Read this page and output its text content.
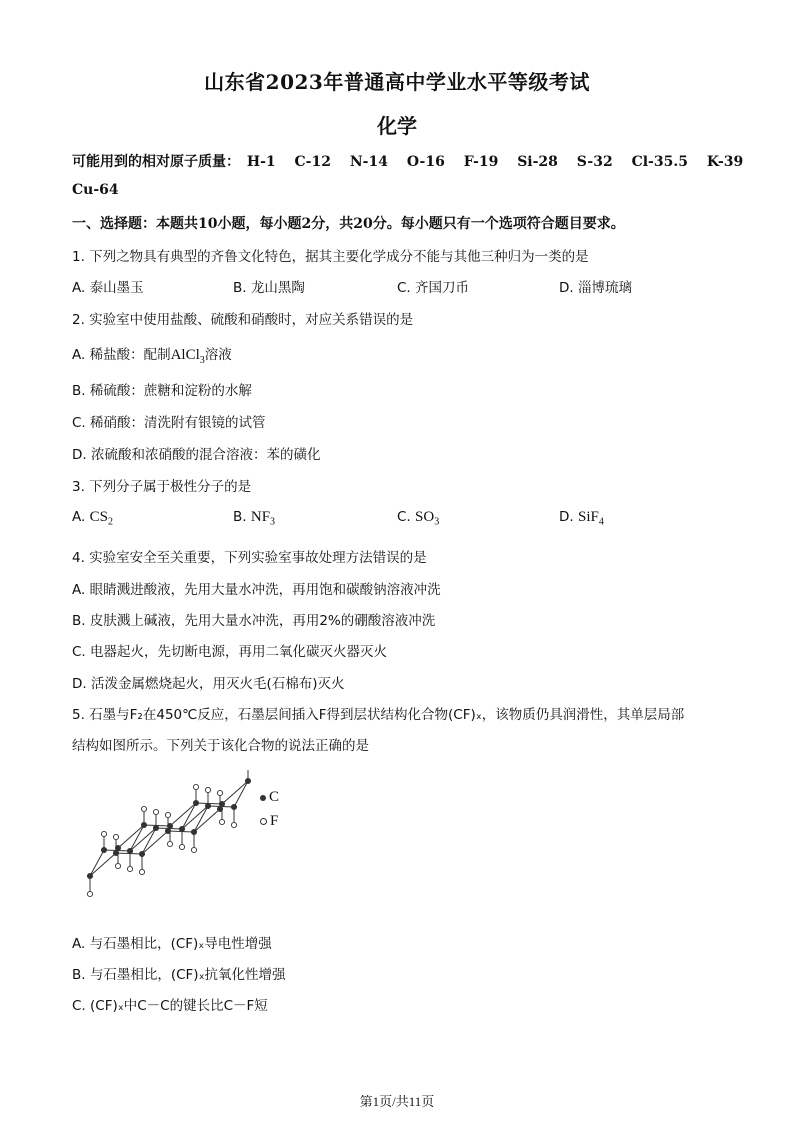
山东省2023年普通高中学业水平等级考试
化学
可能用到的相对原子质量： H-1 C-12 N-14 O-16 F-19 Si-28 S-32 Cl-35.5 K-39
Cu-64
一、选择题：本题共10小题，每小题2分，共20分。每小题只有一个选项符合题目要求。
1. 下列之物具有典型的齐鲁文化特色，据其主要化学成分不能与其他三种归为一类的是
A. 泰山墨玉	B. 龙山黑陶	C. 齐国刀币	D. 淄博琉璃
2. 实验室中使用盐酸、硫酸和硝酸时，对应关系错误的是
A. 稀盐酸：配制AlCl$_3$溶液
B. 稀硫酸：蔗糖和淀粉的水解
C. 稀硝酸：清洗附有银镜的试管
D. 浓硫酸和浓硝酸的混合溶液：苯的磺化
3. 下列分子属于极性分子的是
A. $CS_2$	B. $NF_3$	C. $SO_3$	D. SiF$_4$
4. 实验室安全至关重要，下列实验室事故处理方法错误的是
A. 眼睛溅进酸液，先用大量水冲洗，再用饱和碳酸钠溶液冲洗
B. 皮肤溅上碱液，先用大量水冲洗，再用2%的硼酸溶液冲洗
C. 电器起火，先切断电源，再用二氧化碳灭火器灭火
D. 活泼金属燃烧起火，用灭火毛(石棉布)灭火
5. 石墨与F₂在450℃反应，石墨层间插入F得到层状结构化合物(CF)ₓ，该物质仍具润滑性，其单层局部
结构如图所示。下列关于该化合物的说法正确的是
C
F
A. 与石墨相比，(CF)ₓ导电性增强
B. 与石墨相比，(CF)ₓ抗氧化性增强
C. (CF)ₓ中C－C的键长比C－F短
第1页/共11页
